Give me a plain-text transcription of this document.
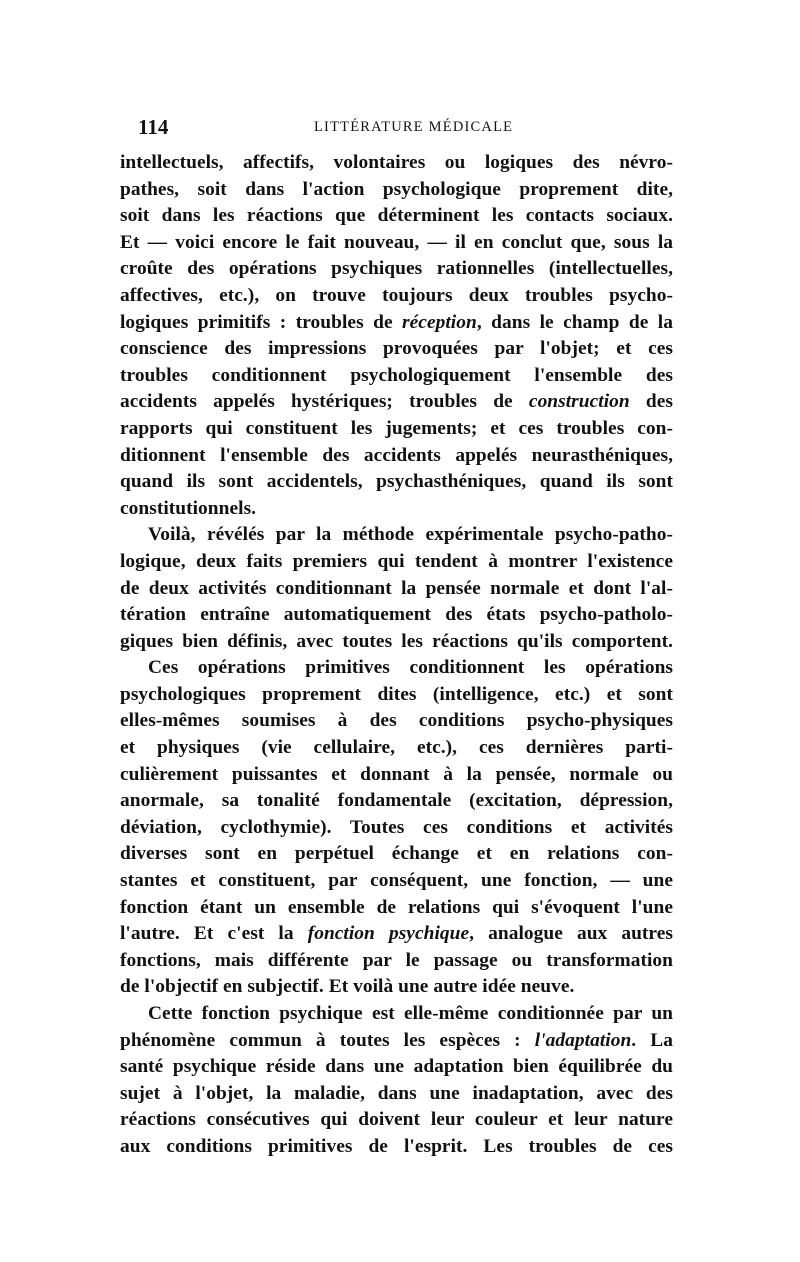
114	LITTÉRATURE MÉDICALE
intellectuels, affectifs, volontaires ou logiques des névro-
pathes, soit dans l'action psychologique proprement dite,
soit dans les réactions que déterminent les contacts sociaux.
Et — voici encore le fait nouveau, — il en conclut que, sous la
croûte des opérations psychiques rationnelles (intellectuelles,
affectives, etc.), on trouve toujours deux troubles psycho-
logiques primitifs : troubles de réception, dans le champ de la
conscience des impressions provoquées par l'objet; et ces
troubles conditionnent psychologiquement l'ensemble des
accidents appelés hystériques; troubles de construction des
rapports qui constituent les jugements; et ces troubles con-
ditionnent l'ensemble des accidents appelés neurasthéniques,
quand ils sont accidentels, psychasthéniques, quand ils sont
constitutionnels.
Voilà, révélés par la méthode expérimentale psycho-patho-
logique, deux faits premiers qui tendent à montrer l'existence
de deux activités conditionnant la pensée normale et dont l'al-
tération entraîne automatiquement des états psycho-patholo-
giques bien définis, avec toutes les réactions qu'ils comportent.
Ces opérations primitives conditionnent les opérations
psychologiques proprement dites (intelligence, etc.) et sont
elles-mêmes soumises à des conditions psycho-physiques
et physiques (vie cellulaire, etc.), ces dernières parti-
culièrement puissantes et donnant à la pensée, normale ou
anormale, sa tonalité fondamentale (excitation, dépression,
déviation, cyclothymie). Toutes ces conditions et activités
diverses sont en perpétuel échange et en relations con-
stantes et constituent, par conséquent, une fonction, — une
fonction étant un ensemble de relations qui s'évoquent l'une
l'autre. Et c'est la fonction psychique, analogue aux autres
fonctions, mais différente par le passage ou transformation
de l'objectif en subjectif. Et voilà une autre idée neuve.
Cette fonction psychique est elle-même conditionnée par un
phénomène commun à toutes les espèces : l'adaptation. La
santé psychique réside dans une adaptation bien équilibrée du
sujet à l'objet, la maladie, dans une inadaptation, avec des
réactions consécutives qui doivent leur couleur et leur nature
aux conditions primitives de l'esprit. Les troubles de ces
